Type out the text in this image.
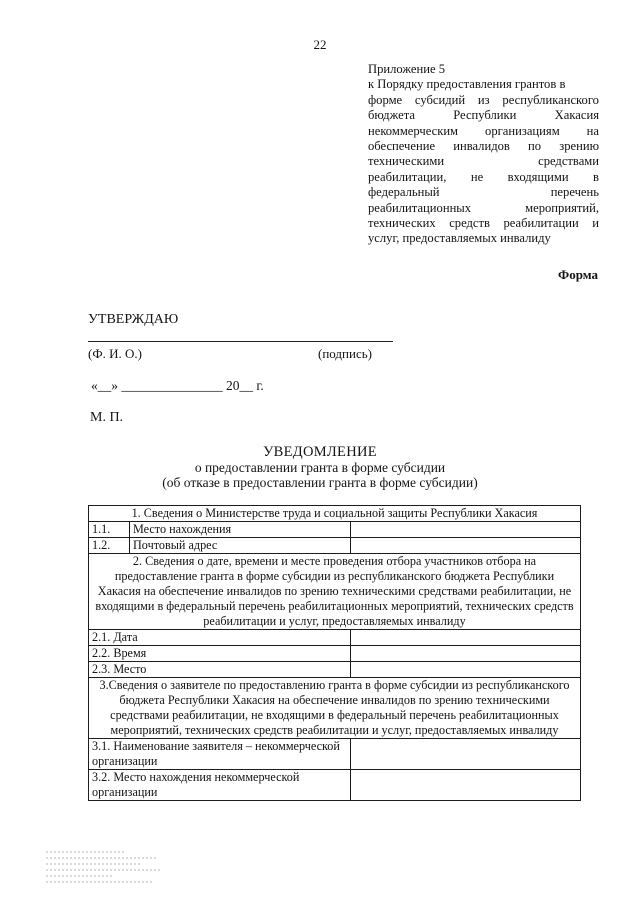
22
Приложение 5
к Порядку предоставления грантов в
форме субсидий из республиканского
бюджета	Республики	Хакасия
некоммерческим организациям на
обеспечение инвалидов по зрению
техническими	средствами
реабилитации, не входящими в
федеральный	перечень
реабилитационных	мероприятий,
технических средств реабилитации и
услуг, предоставляемых инвалиду
Форма
УТВЕРЖДАЮ
(Ф. И. О.)	(подпись)
«__» _______________ 20__ г.
М. П.
УВЕДОМЛЕНИЕ
о предоставлении гранта в форме субсидии
(об отказе в предоставлении гранта в форме субсидии)
1. Сведения о Министерстве труда и социальной защиты Республики Хакасия		
1.1.	Место нахождения	
1.2.	Почтовый адрес	
2. Сведения о дате, времени и месте проведения отбора участников отбора на предоставление гранта в форме субсидии из республиканского бюджета Республики Хакасия на обеспечение инвалидов по зрению техническими средствами реабилитации, не входящими в федеральный перечень реабилитационных мероприятий, технических средств реабилитации и услуг, предоставляемых инвалиду		
2.1. Дата		
2.2. Время		
2.3. Место		
3.Сведения о заявителе по предоставлению гранта в форме субсидии из республиканского бюджета Республики Хакасия на обеспечение инвалидов по зрению техническими средствами реабилитации, не входящими в федеральный перечень реабилитационных мероприятий, технических средств реабилитации и услуг, предоставляемых инвалиду		
3.1. Наименование заявителя – некоммерческой организации		
3.2. Место нахождения некоммерческой организации		
